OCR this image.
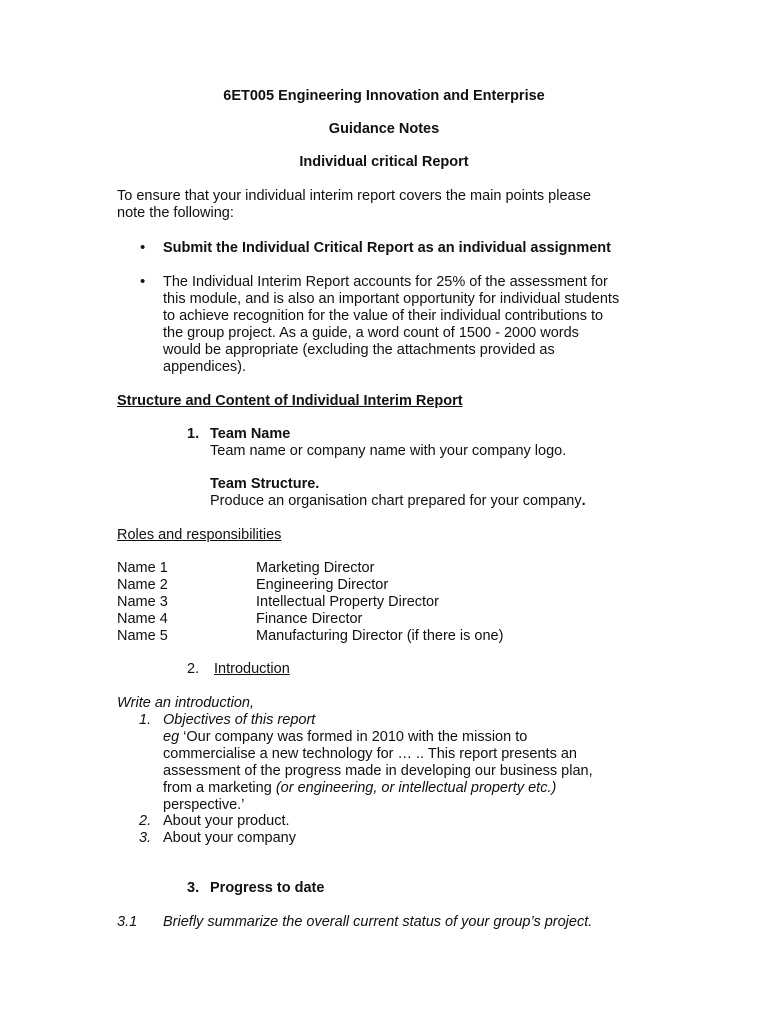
6ET005 Engineering Innovation and Enterprise
Guidance Notes
Individual critical Report
To ensure that your individual interim report covers the main points please
note the following:
• Submit the Individual Critical Report as an individual assignment
• The Individual Interim Report accounts for 25% of the assessment for
this module, and is also an important opportunity for individual students
to achieve recognition for the value of their individual contributions to
the group project. As a guide, a word count of 1500 - 2000 words
would be appropriate (excluding the attachments provided as
appendices).
Structure and Content of Individual Interim Report
1. Team Name
Team name or company name with your company logo.
Team Structure.
Produce an organisation chart prepared for your company.
Roles and responsibilities
Name 1	Marketing Director
Name 2	Engineering Director
Name 3	Intellectual Property Director
Name 4	Finance Director
Name 5	Manufacturing Director (if there is one)
2. Introduction
Write an introduction,
1. Objectives of this report
eg ‘Our company was formed in 2010 with the mission to
commercialise a new technology for … .. This report presents an
assessment of the progress made in developing our business plan,
from a marketing (or engineering, or intellectual property etc.)
perspective.’
2. About your product.
3. About your company
3. Progress to date
3.1 Briefly summarize the overall current status of your group’s project.
